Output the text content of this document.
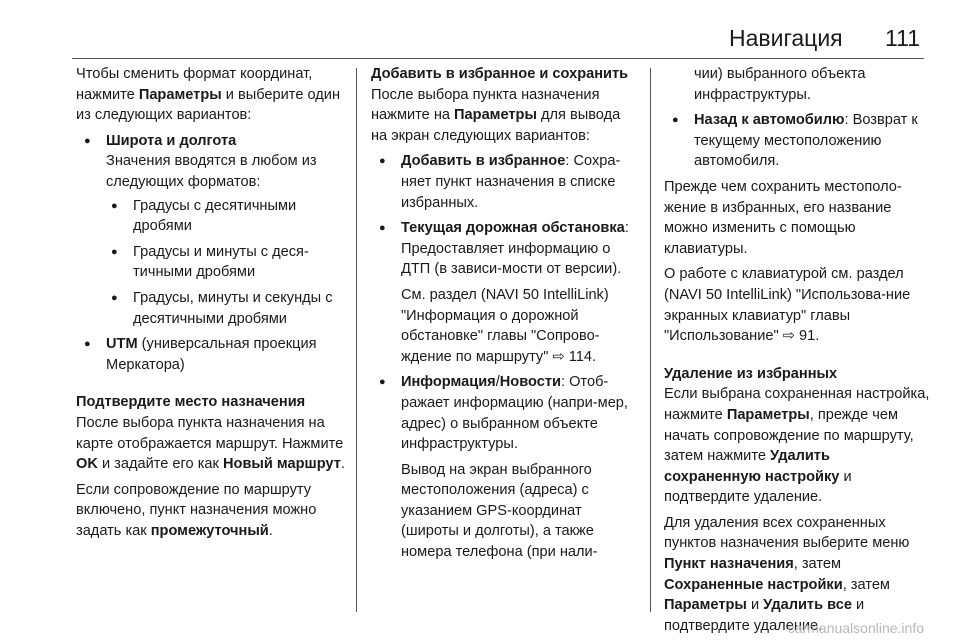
Навигация 111

Чтобы сменить формат координат, нажмите Параметры и выберите один из следующих вариантов:

● Широта и долгота
Значения вводятся в любом из следующих форматов:
● Градусы с десятичными дробями
● Градусы и минуты с деся-тичными дробями
● Градусы, минуты и секунды с десятичными дробями
● UTM (универсальная проекция Меркатора)
Подтвердите место назначения

После выбора пункта назначения на карте отображается маршрут. Нажмите OK и задайте его как Новый маршрут.

Если сопровождение по маршруту включено, пункт назначения можно задать как промежуточный.

Добавить в избранное и сохранить

После выбора пункта назначения нажмите на Параметры для вывода на экран следующих вариантов:

● Добавить в избранное: Сохра-няет пункт назначения в списке избранных.
● Текущая дорожная обстановка: Предоставляет информацию о ДТП (в зависи-мости от версии).

См. раздел (NAVI 50 IntelliLink) "Информация о дорожной обстановке" главы "Сопрово-ждение по маршруту" ⇨ 114.

● Информация/Новости: Отоб-ражает информацию (напри-мер, адрес) о выбранном объекте инфраструктуры.

Вывод на экран выбранного местоположения (адреса) с указанием GPS-координат (широты и долготы), а также номера телефона (при нали-

чии) выбранного объекта инфраструктуры.

● Назад к автомобилю: Возврат к текущему местоположению автомобиля.

Прежде чем сохранить местополо-жение в избранных, его название можно изменить с помощью клавиатуры.

О работе с клавиатурой см. раздел (NAVI 50 IntelliLink) "Использова-ние экранных клавиатур" главы "Использование" ⇨ 91.

Удаление из избранных

Если выбрана сохраненная настройка, нажмите Параметры, прежде чем начать сопровождение по маршруту, затем нажмите Удалить сохраненную настройку и подтвердите удаление.

Для удаления всех сохраненных пунктов назначения выберите меню Пункт назначения, затем Сохраненные настройки, затем Параметры и Удалить все и подтвердите удаление.

carmanualsonline.info
